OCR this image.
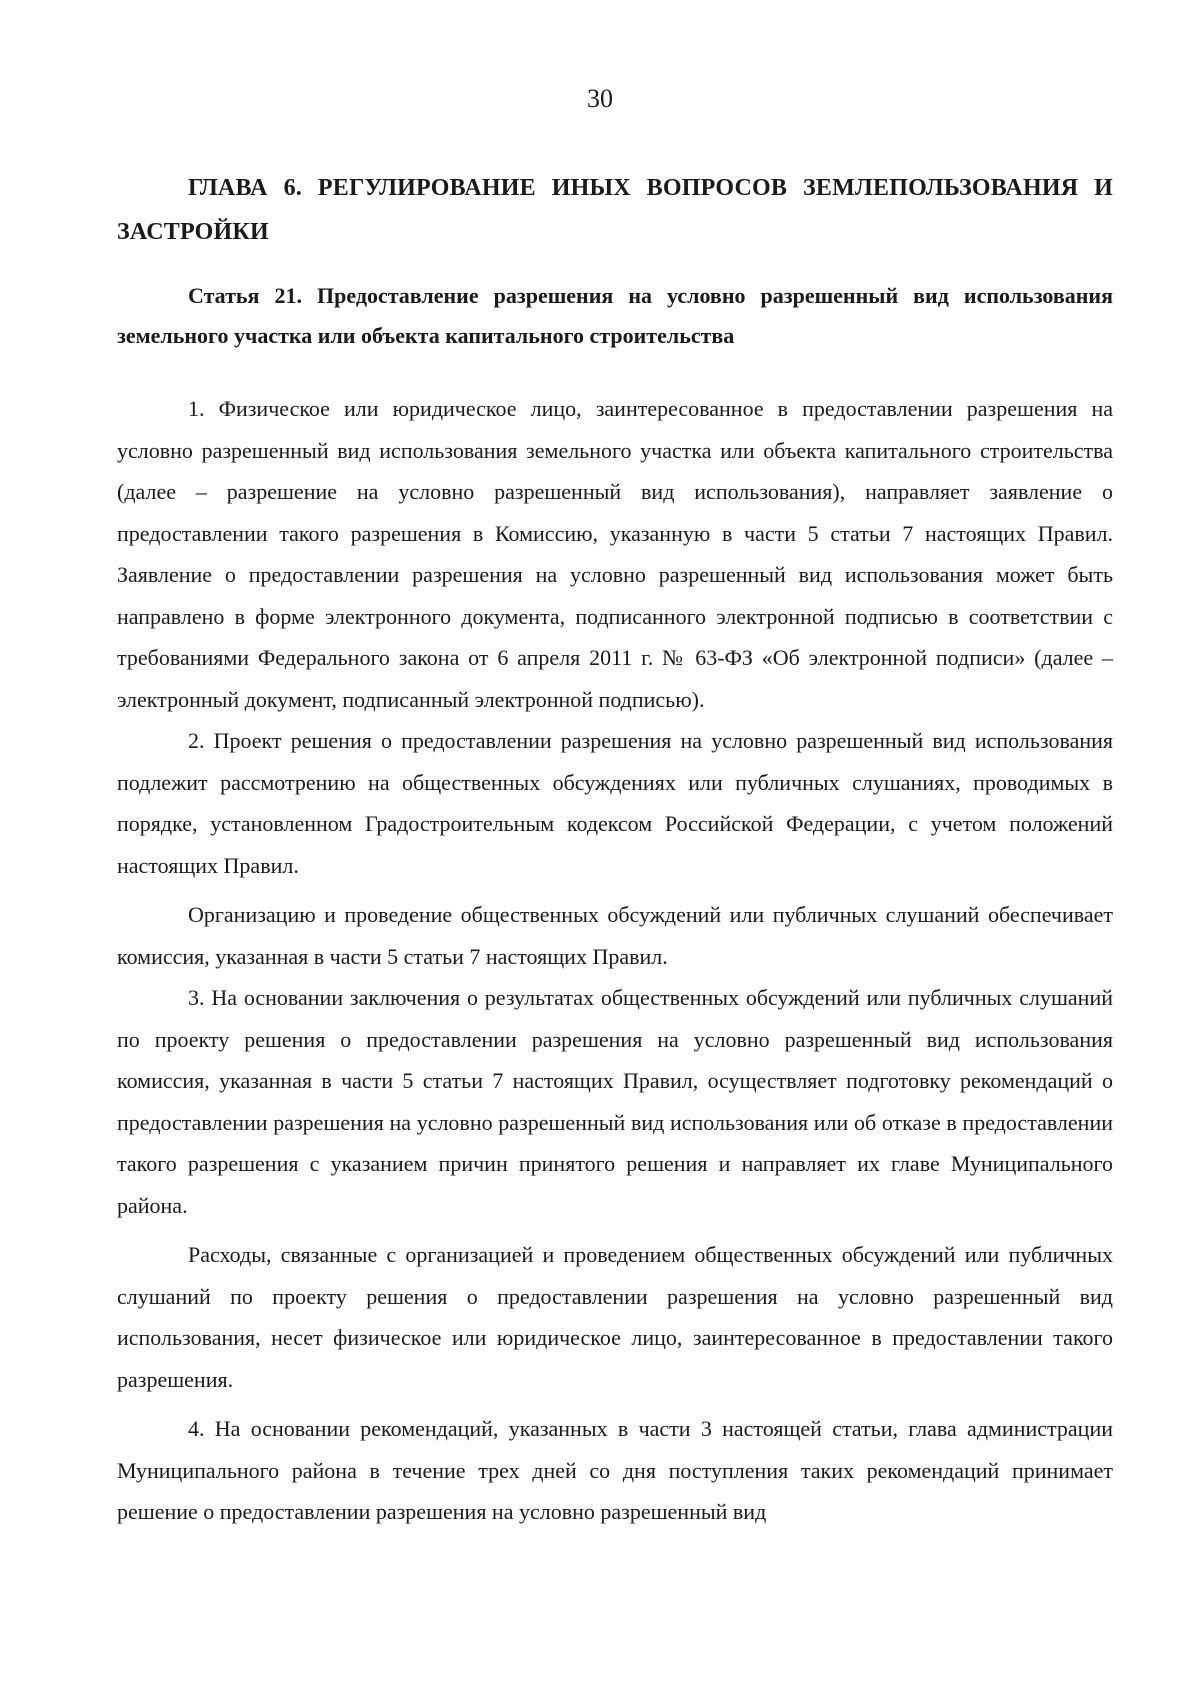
30
ГЛАВА 6. РЕГУЛИРОВАНИЕ ИНЫХ ВОПРОСОВ ЗЕМЛЕПОЛЬЗОВАНИЯ И ЗАСТРОЙКИ
Статья 21. Предоставление разрешения на условно разрешенный вид использования земельного участка или объекта капитального строительства

1. Физическое или юридическое лицо, заинтересованное в предоставлении разрешения на условно разрешенный вид использования земельного участка или объекта капитального строительства (далее – разрешение на условно разрешенный вид использования), направляет заявление о предоставлении такого разрешения в Комиссию, указанную в части 5 статьи 7 настоящих Правил. Заявление о предоставлении разрешения на условно разрешенный вид использования может быть направлено в форме электронного документа, подписанного электронной подписью в соответствии с требованиями Федерального закона от 6 апреля 2011 г. № 63-ФЗ «Об электронной подписи» (далее – электронный документ, подписанный электронной подписью).

2. Проект решения о предоставлении разрешения на условно разрешенный вид использования подлежит рассмотрению на общественных обсуждениях или публичных слушаниях, проводимых в порядке, установленном Градостроительным кодексом Российской Федерации, с учетом положений настоящих Правил.

Организацию и проведение общественных обсуждений или публичных слушаний обеспечивает комиссия, указанная в части 5 статьи 7 настоящих Правил.

3. На основании заключения о результатах общественных обсуждений или публичных слушаний по проекту решения о предоставлении разрешения на условно разрешенный вид использования комиссия, указанная в части 5 статьи 7 настоящих Правил, осуществляет подготовку рекомендаций о предоставлении разрешения на условно разрешенный вид использования или об отказе в предоставлении такого разрешения с указанием причин принятого решения и направляет их главе Муниципального района.

Расходы, связанные с организацией и проведением общественных обсуждений или публичных слушаний по проекту решения о предоставлении разрешения на условно разрешенный вид использования, несет физическое или юридическое лицо, заинтересованное в предоставлении такого разрешения.

4. На основании рекомендаций, указанных в части 3 настоящей статьи, глава администрации Муниципального района в течение трех дней со дня поступления таких рекомендаций принимает решение о предоставлении разрешения на условно разрешенный вид
